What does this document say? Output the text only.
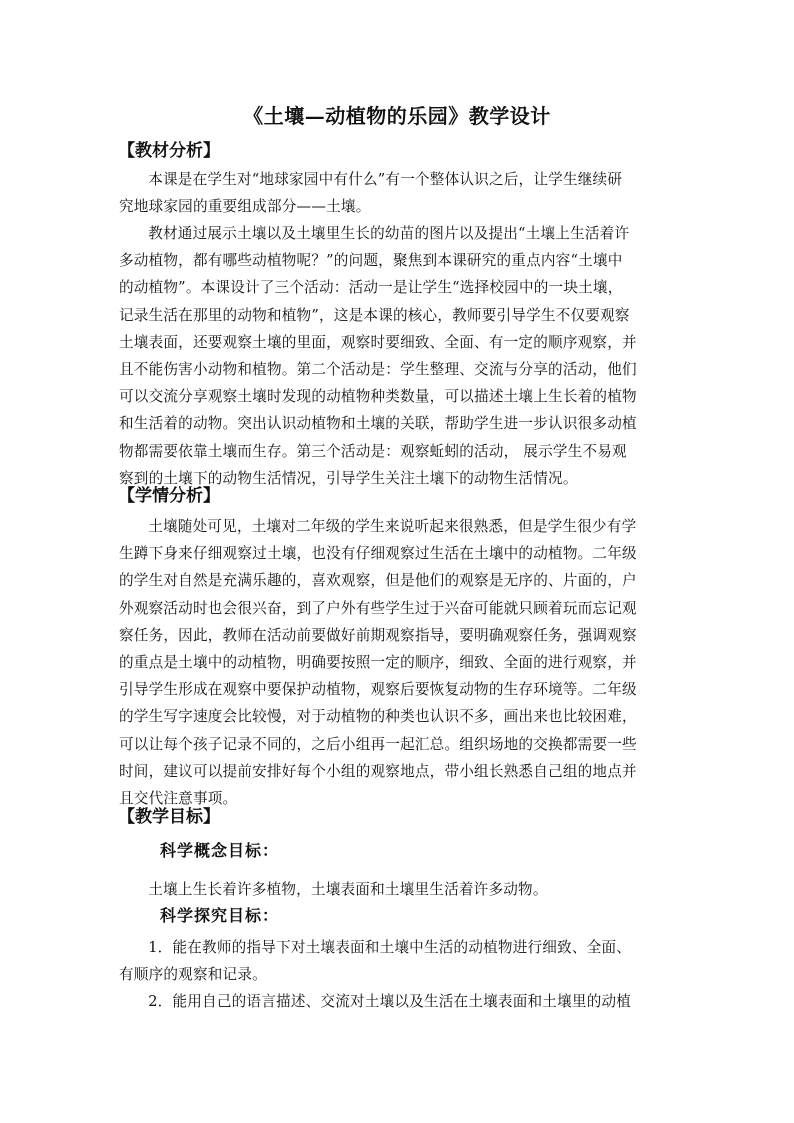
《土壤—动植物的乐园》教学设计
【教材分析】
本课是在学生对“地球家园中有什么”有一个整体认识之后，让学生继续研
究地球家园的重要组成部分——土壤。
教材通过展示土壤以及土壤里生长的幼苗的图片以及提出“土壤上生活着许
多动植物，都有哪些动植物呢？”的问题，聚焦到本课研究的重点内容“土壤中
的动植物”。本课设计了三个活动：活动一是让学生“选择校园中的一块土壤，
记录生活在那里的动物和植物”，这是本课的核心，教师要引导学生不仅要观察
土壤表面，还要观察土壤的里面，观察时要细致、全面、有一定的顺序观察，并
且不能伤害小动物和植物。第二个活动是：学生整理、交流与分享的活动，他们
可以交流分享观察土壤时发现的动植物种类数量，可以描述土壤上生长着的植物
和生活着的动物。突出认识动植物和土壤的关联，帮助学生进一步认识很多动植
物都需要依靠土壤而生存。第三个活动是：观察蚯蚓的活动， 展示学生不易观
察到的土壤下的动物生活情况，引导学生关注土壤下的动物生活情况。
【学情分析】
土壤随处可见，土壤对二年级的学生来说听起来很熟悉，但是学生很少有学
生蹲下身来仔细观察过土壤，也没有仔细观察过生活在土壤中的动植物。二年级
的学生对自然是充满乐趣的，喜欢观察，但是他们的观察是无序的、片面的，户
外观察活动时也会很兴奋，到了户外有些学生过于兴奋可能就只顾着玩而忘记观
察任务，因此，教师在活动前要做好前期观察指导，要明确观察任务，强调观察
的重点是土壤中的动植物，明确要按照一定的顺序，细致、全面的进行观察，并
引导学生形成在观察中要保护动植物，观察后要恢复动物的生存环境等。二年级
的学生写字速度会比较慢，对于动植物的种类也认识不多，画出来也比较困难，
可以让每个孩子记录不同的，之后小组再一起汇总。组织场地的交换都需要一些
时间，建议可以提前安排好每个小组的观察地点，带小组长熟悉自己组的地点并
且交代注意事项。
【教学目标】
科学概念目标：
土壤上生长着许多植物，土壤表面和土壤里生活着许多动物。
科学探究目标：
1．能在教师的指导下对土壤表面和土壤中生活的动植物进行细致、全面、
有顺序的观察和记录。
2．能用自己的语言描述、交流对土壤以及生活在土壤表面和土壤里的动植
